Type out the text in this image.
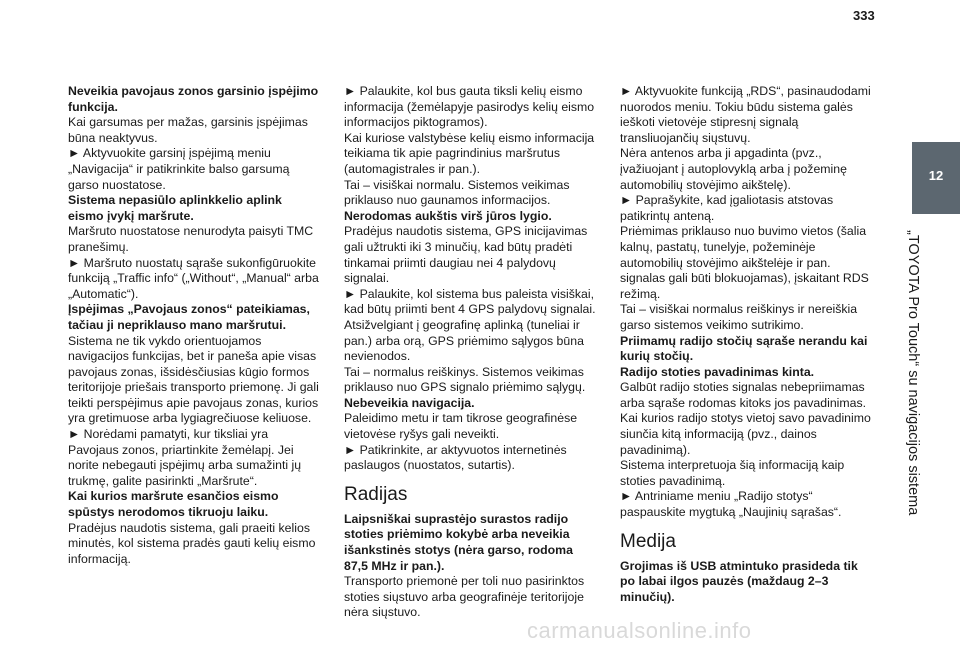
333

Neveikia pavojaus zonos garsinio įspėjimo funkcija.

Kai garsumas per mažas, garsinis įspėjimas būna neaktyvus.

► Aktyvuokite garsinį įspėjimą meniu „Navigacija“ ir patikrinkite balso garsumą garso nuostatose.

Sistema nepasiūlo aplinkkelio aplink eismo įvykį maršrute.

Maršruto nuostatose nenurodyta paisyti TMC pranešimų.

► Maršruto nuostatų sąraše sukonfigūruokite funkciją „Traffic info“ („Without“, „Manual“ arba „Automatic“).

Įspėjimas „Pavojaus zonos“ pateikiamas, tačiau ji nepriklauso mano maršrutui.

Sistema ne tik vykdo orientuojamos navigacijos funkcijas, bet ir paneša apie visas pavojaus zonas, išsidėsčiusias kūgio formos teritorijoje priešais transporto priemonę. Ji gali teikti perspėjimus apie pavojaus zonas, kurios yra gretimuose arba lygiagrečiuose keliuose.

► Norėdami pamatyti, kur tiksliai yra Pavojaus zonos, priartinkite žemėlapį. Jei norite nebegauti įspėjimų arba sumažinti jų trukmę, galite pasirinkti „Maršrute“.

Kai kurios maršrute esančios eismo spūstys nerodomos tikruoju laiku.

Pradėjus naudotis sistema, gali praeiti kelios minutės, kol sistema pradės gauti kelių eismo informaciją.

► Palaukite, kol bus gauta tiksli kelių eismo informacija (žemėlapyje pasirodys kelių eismo informacijos piktogramos).

Kai kuriose valstybėse kelių eismo informacija teikiama tik apie pagrindinius maršrutus (automagistrales ir pan.).

Tai – visiškai normalu. Sistemos veikimas priklauso nuo gaunamos informacijos.

Nerodomas aukštis virš jūros lygio.

Pradėjus naudotis sistema, GPS inicijavimas gali užtrukti iki 3 minučių, kad būtų pradėti tinkamai priimti daugiau nei 4 palydovų signalai.

► Palaukite, kol sistema bus paleista visiškai, kad būtų priimti bent 4 GPS palydovų signalai.

Atsižvelgiant į geografinę aplinką (tuneliai ir pan.) arba orą, GPS priėmimo sąlygos būna nevienodos.

Tai – normalus reiškinys. Sistemos veikimas priklauso nuo GPS signalo priėmimo sąlygų.

Nebeveikia navigacija.

Paleidimo metu ir tam tikrose geografinėse vietovėse ryšys gali neveikti.

► Patikrinkite, ar aktyvuotos internetinės paslaugos (nuostatos, sutartis).

Radijas

Laipsniškai suprastėjo surastos radijo stoties priėmimo kokybė arba neveikia išankstinės stotys (nėra garso, rodoma 87,5 MHz ir pan.).

Transporto priemonė per toli nuo pasirinktos stoties siųstuvo arba geografinėje teritorijoje nėra siųstuvo.

► Aktyvuokite funkciją „RDS“, pasinaudodami nuorodos meniu. Tokiu būdu sistema galės ieškoti vietovėje stipresnį signalą transliuojančių siųstuvų.

Nėra antenos arba ji apgadinta (pvz., įvažiuojant į autoplovyklą arba į požeminę automobilių stovėjimo aikštelę).

► Paprašykite, kad įgaliotasis atstovas patikrintų anteną.

Priėmimas priklauso nuo buvimo vietos (šalia kalnų, pastatų, tunelyje, požeminėje automobilių stovėjimo aikštelėje ir pan. signalas gali būti blokuojamas), įskaitant RDS režimą.

Tai – visiškai normalus reiškinys ir nereiškia garso sistemos veikimo sutrikimo.

Priimamų radijo stočių sąraše nerandu kai kurių stočių.

Radijo stoties pavadinimas kinta.

Galbūt radijo stoties signalas nebepriimamas arba sąraše rodomas kitoks jos pavadinimas.

Kai kurios radijo stotys vietoj savo pavadinimo siunčia kitą informaciją (pvz., dainos pavadinimą).

Sistema interpretuoja šią informaciją kaip stoties pavadinimą.

► Antriniame meniu „Radijo stotys“ paspauskite mygtuką „Naujinių sąrašas“.

Medija

Grojimas iš USB atmintuko prasideda tik po labai ilgos pauzės (maždaug 2–3 minučių).

12
„TOYOTA Pro Touch“ su navigacijos sistema
carmanualsonline.info
